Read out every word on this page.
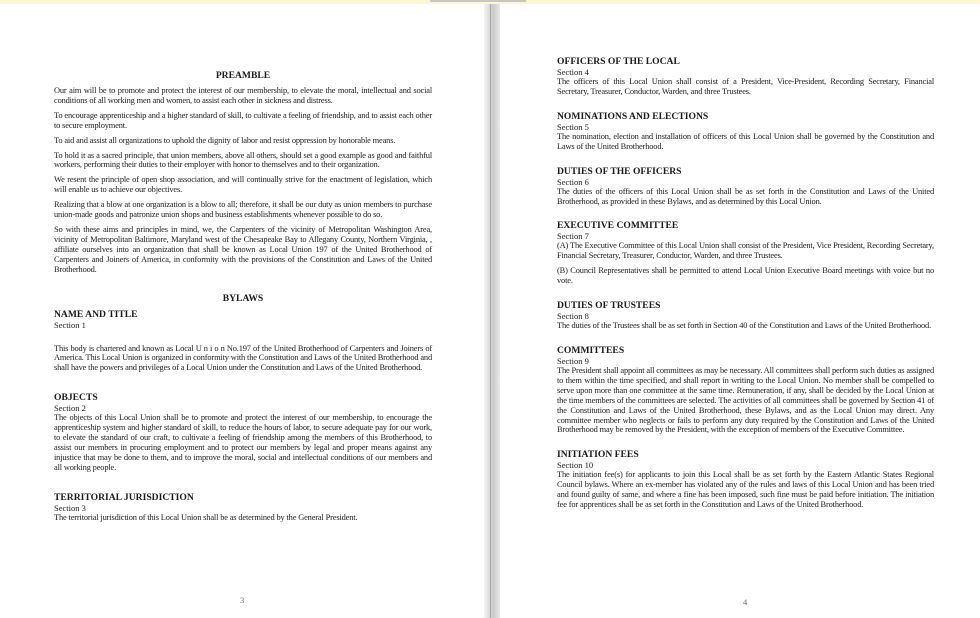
PREAMBLE

Our aim will be to promote and protect the interest of our membership, to elevate the moral, intellectual and social conditions of all working men and women, to assist each other in sickness and distress.

To encourage apprenticeship and a higher standard of skill, to cultivate a feeling of friendship, and to assist each other to secure employment.

To aid and assist all organizations to uphold the dignity of labor and resist oppression by honorable means.

To hold it as a sacred principle, that union members, above all others, should set a good example as good and faithful workers, performing their duties to their employer with honor to themselves and to their organization.

We resent the principle of open shop association, and will continually strive for the enactment of legislation, which will enable us to achieve our objectives.

Realizing that a blow at one organization is a blow to all; therefore, it shall be our duty as union members to purchase union-made goods and patronize union shops and business establishments whenever possible to do so.

So with these aims and principles in mind, we, the Carpenters of the vicinity of Metropolitan Washington Area, vicinity of Metropolitan Baltimore, Maryland west of the Chesapeake Bay to Allegany County, Northern Virginia, , affiliate ourselves into an organization that shall be known as Local Union 197 of the United Brotherhood of Carpenters and Joiners of America, in conformity with the provisions of the Constitution and Laws of the United Brotherhood.

BYLAWS
NAME AND TITLE
Section 1

This body is chartered and known as Local U n i o n No.197 of the United Brotherhood of Carpenters and Joiners of America. This Local Union is organized in conformity with the Constitution and Laws of the United Brotherhood and shall have the powers and privileges of a Local Union under the Constitution and Laws of the United Brotherhood.

OBJECTS
Section 2

The objects of this Local Union shall be to promote and protect the interest of our membership, to encourage the apprenticeship system and higher standard of skill, to reduce the hours of labor, to secure adequate pay for our work, to elevate the standard of our craft, to cultivate a feeling of friendship among the members of this Brotherhood, to assist our members in procuring employment and to protect our members by legal and proper means against any injustice that may be done to them, and to improve the moral, social and intellectual conditions of our members and all working people.

TERRITORIAL JURISDICTION
Section 3

The territorial jurisdiction of this Local Union shall be as determined by the General President.

3
OFFICERS OF THE LOCAL
Section 4

The officers of this Local Union shall consist of a President, Vice-President, Recording Secretary, Financial Secretary, Treasurer, Conductor, Warden, and three Trustees.

NOMINATIONS AND ELECTIONS
Section 5

The nomination, election and installation of officers of this Local Union shall be governed by the Constitution and Laws of the United Brotherhood.

DUTIES OF THE OFFICERS
Section 6

The duties of the officers of this Local Union shall be as set forth in the Constitution and Laws of the United Brotherhood, as provided in these Bylaws, and as determined by this Local Union.

EXECUTIVE COMMITTEE
Section 7

(A) The Executive Committee of this Local Union shall consist of the President, Vice President, Recording Secretary, Financial Secretary, Treasurer, Conductor, Warden, and three Trustees.

(B) Council Representatives shall be permitted to attend Local Union Executive Board meetings with voice but no vote.

DUTIES OF TRUSTEES
Section 8

The duties of the Trustees shall be as set forth in Section 40 of the Constitution and Laws of the United Brotherhood.

COMMITTEES
Section 9

The President shall appoint all committees as may be necessary. All committees shall perform such duties as assigned to them within the time specified, and shall report in writing to the Local Union. No member shall be compelled to serve upon more than one committee at the same time. Remuneration, if any, shall be decided by the Local Union at the time members of the committees are selected. The activities of all committees shall be governed by Section 41 of the Constitution and Laws of the United Brotherhood, these Bylaws, and as the Local Union may direct. Any committee member who neglects or fails to perform any duty required by the Constitution and Laws of the United Brotherhood may be removed by the President, with the exception of members of the Executive Committee.

INITIATION FEES
Section 10

The initiation fee(s) for applicants to join this Local shall be as set forth by the Eastern Atlantic States Regional Council bylaws. Where an ex-member has violated any of the rules and laws of this Local Union and has been tried and found guilty of same, and where a fine has been imposed, such fine must be paid before initiation. The initiation fee for apprentices shall be as set forth in the Constitution and Laws of the United Brotherhood.

4
